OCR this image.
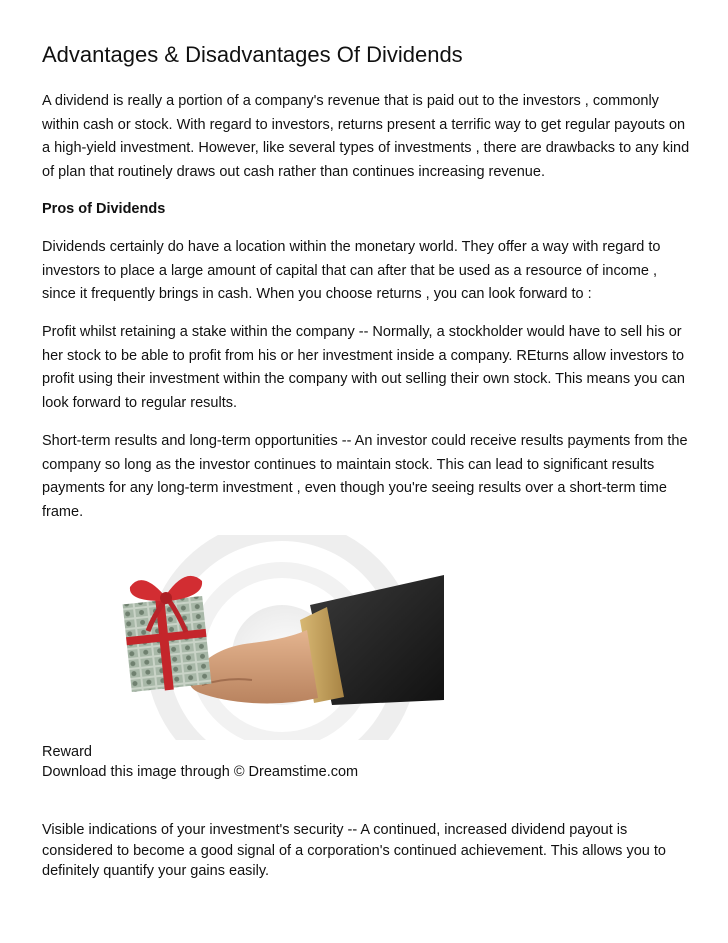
Advantages & Disadvantages Of Dividends

A dividend is really a portion of a company's revenue that is paid out to the investors , commonly within cash or stock. With regard to investors, returns present a terrific way to get regular payouts on a high-yield investment. However, like several types of investments , there are drawbacks to any kind of plan that routinely draws out cash rather than continues increasing revenue.

Pros of Dividends

Dividends certainly do have a location within the monetary world. They offer a way with regard to investors to place a large amount of capital that can after that be used as a resource of income , since it frequently brings in cash. When you choose returns , you can look forward to :

Profit whilst retaining a stake within the company -- Normally, a stockholder would have to sell his or her stock to be able to profit from his or her investment inside a company. REturns allow investors to profit using their investment within the company with out selling their own stock. This means you can look forward to regular results.

Short-term results and long-term opportunities -- An investor could receive results payments from the company so long as the investor continues to maintain stock. This can lead to significant results payments for any long-term investment , even though you're seeing results over a short-term time frame.

Reward
Download this image through © Dreamstime.com

Visible indications of your investment's security -- A continued, increased dividend payout is considered to become a good signal of a corporation's continued achievement. This allows you to definitely quantify your gains easily.
